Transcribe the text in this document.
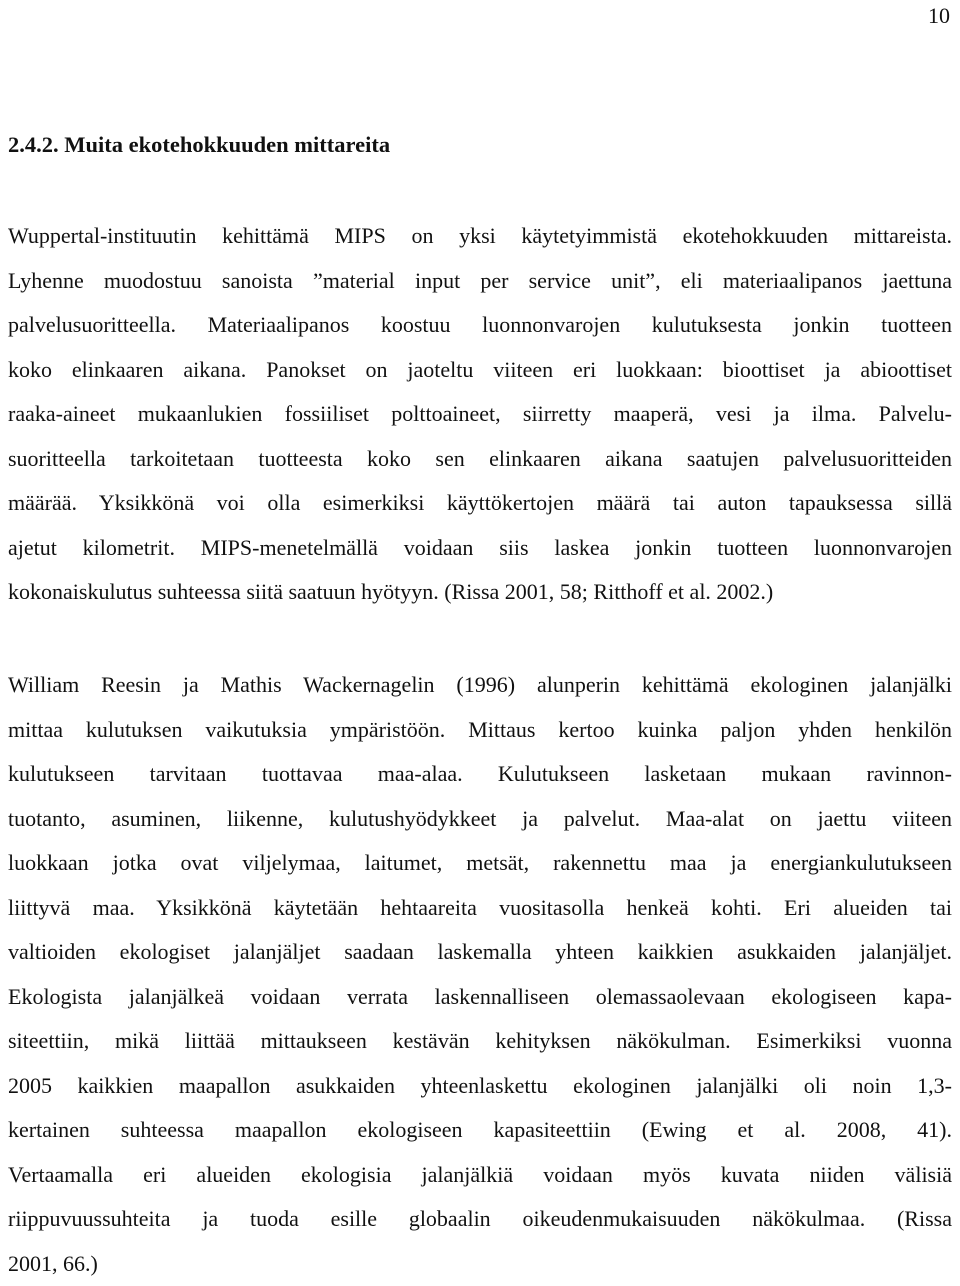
10
2.4.2. Muita ekotehokkuuden mittareita
Wuppertal-instituutin kehittämä MIPS on yksi käytetyimmistä ekotehokkuuden mittareista.
Lyhenne muodostuu sanoista ”material input per service unit”, eli materiaalipanos jaettuna
palvelusuoritteella. Materiaalipanos koostuu luonnonvarojen kulutuksesta jonkin tuotteen
koko elinkaaren aikana. Panokset on jaoteltu viiteen eri luokkaan: bioottiset ja abioottiset
raaka-aineet mukaanlukien fossiiliset polttoaineet, siirretty maaperä, vesi ja ilma. Palvelu-
suoritteella tarkoitetaan tuotteesta koko sen elinkaaren aikana saatujen palvelusuoritteiden
määrää. Yksikkönä voi olla esimerkiksi käyttökertojen määrä tai auton tapauksessa sillä
ajetut kilometrit. MIPS-menetelmällä voidaan siis laskea jonkin tuotteen luonnonvarojen
kokonaiskulutus suhteessa siitä saatuun hyötyyn. (Rissa 2001, 58; Ritthoff et al. 2002.)
William Reesin ja Mathis Wackernagelin (1996) alunperin kehittämä ekologinen jalanjälki
mittaa kulutuksen vaikutuksia ympäristöön. Mittaus kertoo kuinka paljon yhden henkilön
kulutukseen tarvitaan tuottavaa maa-alaa. Kulutukseen lasketaan mukaan ravinnon-
tuotanto, asuminen, liikenne, kulutushyödykkeet ja palvelut. Maa-alat on jaettu viiteen
luokkaan jotka ovat viljelymaa, laitumet, metsät, rakennettu maa ja energiankulutukseen
liittyvä maa. Yksikkönä käytetään hehtaareita vuositasolla henkeä kohti. Eri alueiden tai
valtioiden ekologiset jalanjäljet saadaan laskemalla yhteen kaikkien asukkaiden jalanjäljet.
Ekologista jalanjälkeä voidaan verrata laskennalliseen olemassaolevaan ekologiseen kapa-
siteettiin, mikä liittää mittaukseen kestävän kehityksen näkökulman. Esimerkiksi vuonna
2005 kaikkien maapallon asukkaiden yhteenlaskettu ekologinen jalanjälki oli noin 1,3-
kertainen suhteessa maapallon ekologiseen kapasiteettiin (Ewing et al. 2008, 41).
Vertaamalla eri alueiden ekologisia jalanjälkiä voidaan myös kuvata niiden välisiä
riippuvuussuhteita ja tuoda esille globaalin oikeudenmukaisuuden näkökulmaa. (Rissa
2001, 66.)
